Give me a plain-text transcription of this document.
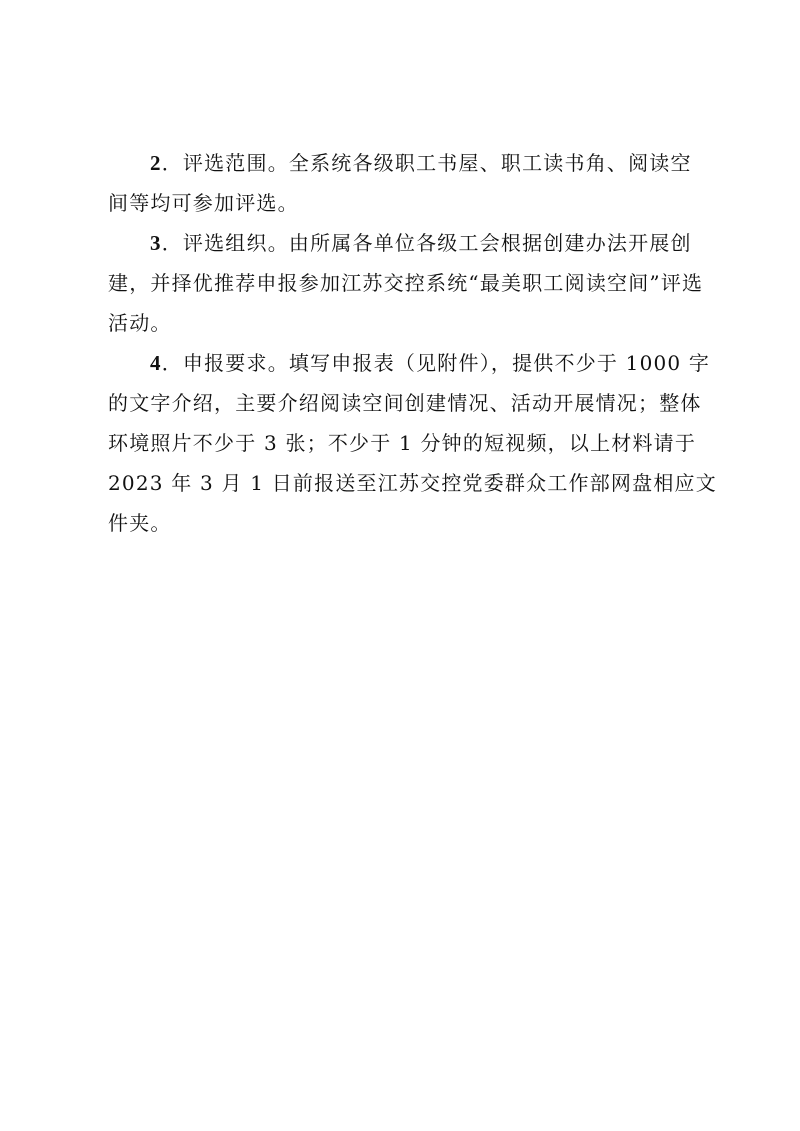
2．评选范围。全系统各级职工书屋、职工读书角、阅读空
间等均可参加评选。
3．评选组织。由所属各单位各级工会根据创建办法开展创
建，并择优推荐申报参加江苏交控系统“最美职工阅读空间”评选
活动。
4．申报要求。填写申报表（见附件），提供不少于 1000 字
的文字介绍，主要介绍阅读空间创建情况、活动开展情况；整体
环境照片不少于 3 张；不少于 1 分钟的短视频，以上材料请于
2023 年 3 月 1 日前报送至江苏交控党委群众工作部网盘相应文
件夹。
